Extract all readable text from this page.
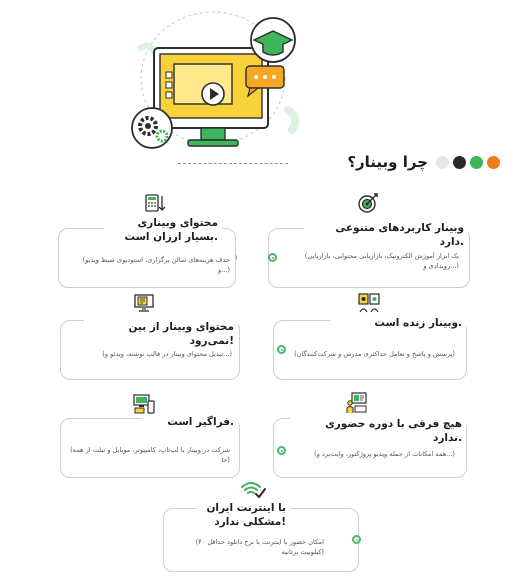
چرا وبینار؟
وبینار کاربردهای متنوعی دارد.
(یک ابزار آموزش الکترونیک، بازاریابی محتوایی، بازاریابی رویدادی و...)
محتوای وبیناری بسیار ارزان است.
(حذف هزینه‌های سالن برگزاری، استودیوی ضبط ویدیو و...)
وبینار زنده است.
(پرسش و پاسخ و تعامل حداکثری مدرس و شرکت‌کنندگان)
محتوای وبینار از بین نمی‌رود!
(تبدیل محتوای وبینار در قالب نوشته، ویدئو و...)
هیچ فرقی با دوره حضوری ندارد.
(همه امکانات از جمله ویدیو پروژکتور، وایت‌برد و...)
فراگیر است.
(شرکت در وبینار با لپ‌تاپ، کامپیوتر، موبایل و تبلت از همه جا)
با اینترنت ایران مشکلی ندارد!
(امکان حضور با اینترنت با نرخ دانلود حداقل ۴۰ کیلوبیت برثانیه)
